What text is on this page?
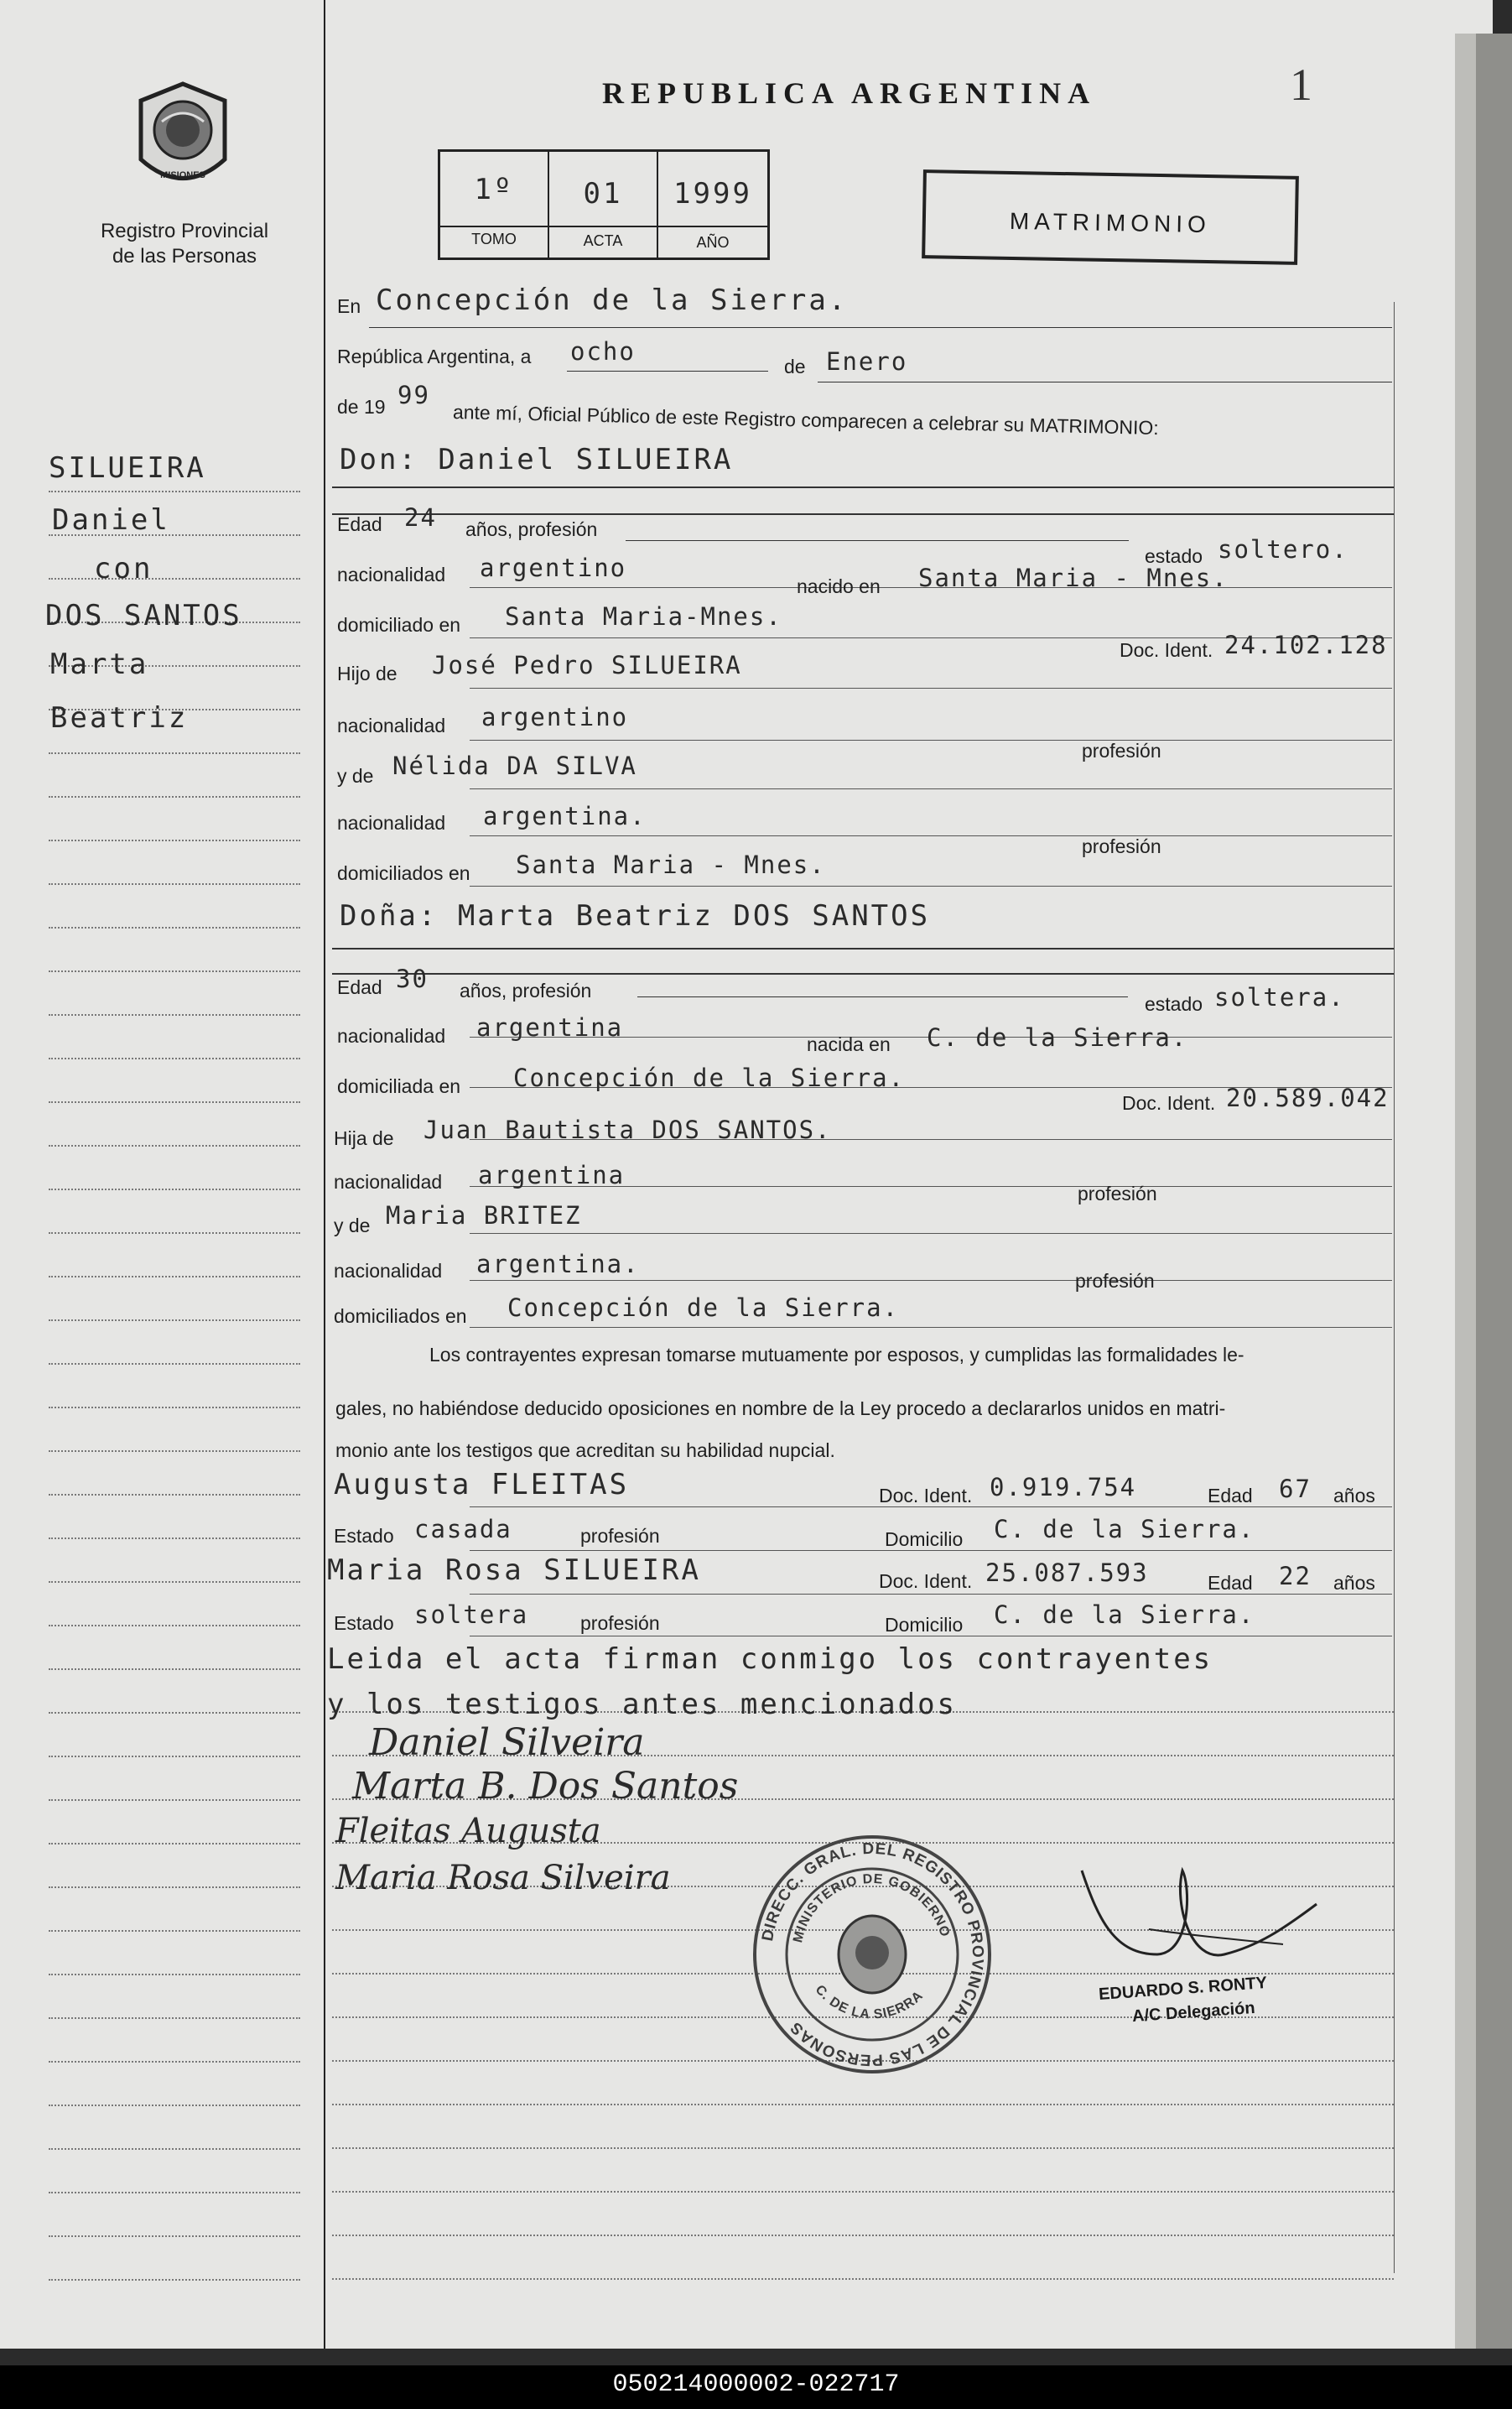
MISIONES
Registro Provincial
de las Personas
REPUBLICA ARGENTINA	1
1º	01	1999
TOMO	ACTA	AÑO
MATRIMONIO
SILUEIRA
Daniel
con
DOS SANTOS
Marta
Beatriz
En Concepción de la Sierra.
República Argentina, a ocho
de Enero
de 19 99
ante mí, Oficial Público de este Registro comparecen a celebrar su MATRIMONIO:
Don: Daniel SILUEIRA
Edad 24 años, profesión
estado soltero.
nacionalidad argentino
nacido en Santa Maria - Mnes.
domiciliado en Santa Maria-Mnes.
Doc. Ident. 24.102.128
Hijo de José Pedro SILUEIRA
nacionalidad argentino
profesión
y de Nélida DA SILVA
nacionalidad argentina.
profesión
domiciliados en Santa Maria - Mnes.
Doña: Marta Beatriz DOS SANTOS
Edad 30 años, profesión
estado soltera.
nacionalidad argentina
nacida en C. de la Sierra.
domiciliada en Concepción de la Sierra.
Doc. Ident. 20.589.042
Hija de Juan Bautista DOS SANTOS.
nacionalidad argentina
profesión
y de Maria BRITEZ
nacionalidad argentina.
profesión
domiciliados en Concepción de la Sierra.
Los contrayentes expresan tomarse mutuamente por esposos, y cumplidas las formalidades le-
gales, no habiéndose deducido oposiciones en nombre de la Ley procedo a declararlos unidos en matri-
monio ante los testigos que acreditan su habilidad nupcial.
Augusta FLEITAS	Doc. Ident. 0.919.754	Edad 67 años
Estado casada	profesión	Domicilio C. de la Sierra.
Maria Rosa SILUEIRA	Doc. Ident. 25.087.593	Edad 22 años
Estado soltera	profesión	Domicilio C. de la Sierra.
Leida el acta firman conmigo los contrayentes
y los testigos antes mencionados
Daniel Silveira
Marta B. Dos Santos
Fleitas Augusta
Maria Rosa Silveira
EDUARDO S. RONTY
A/C Delegación
DIRECC. GRAL. DEL REGISTRO PROVINCIAL DE LAS PERSONAS
MINISTERIO DE GOBIERNO
C. DE LA SIERRA
050214000002-022717
